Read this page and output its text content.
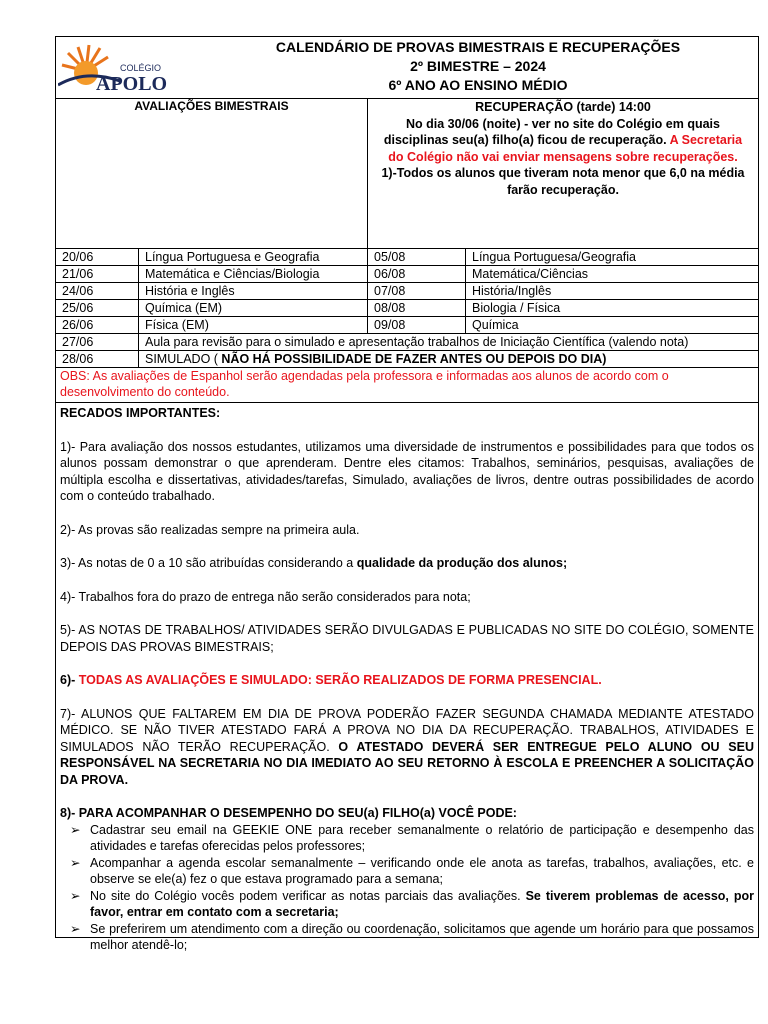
COLÉGIO
APOLO
CALENDÁRIO DE PROVAS BIMESTRAIS E RECUPERAÇÕES
2º BIMESTRE – 2024
6º ANO AO ENSINO MÉDIO
AVALIAÇÕES BIMESTRAIS	RECUPERAÇÃO (tarde) 14:00
No dia 30/06 (noite) - ver no site do Colégio em quais disciplinas seu(a) filho(a) ficou de recuperação. A Secretaria do Colégio não vai enviar mensagens sobre recuperações.
1)-Todos os alunos que tiveram nota menor que 6,0 na média farão recuperação.
20/06	Língua Portuguesa e Geografia	05/08	Língua Portuguesa/Geografia
21/06	Matemática e Ciências/Biologia	06/08	Matemática/Ciências
24/06	História e Inglês	07/08	História/Inglês
25/06	Química (EM)	08/08	Biologia / Física
26/06	Física (EM)	09/08	Química
27/06	Aula para revisão para o simulado e apresentação trabalhos de Iniciação Científica (valendo nota)
28/06	SIMULADO ( NÃO HÁ POSSIBILIDADE DE FAZER ANTES OU DEPOIS DO DIA)
OBS: As avaliações de Espanhol serão agendadas pela professora e informadas aos alunos de acordo com o desenvolvimento do conteúdo.

RECADOS IMPORTANTES:

1)- Para avaliação dos nossos estudantes, utilizamos uma diversidade de instrumentos e possibilidades para que todos os alunos possam demonstrar o que aprenderam. Dentre eles citamos: Trabalhos, seminários, pesquisas, avaliações de múltipla escolha e dissertativas, atividades/tarefas, Simulado, avaliações de livros, dentre outras possibilidades de acordo com o conteúdo trabalhado.

2)- As provas são realizadas sempre na primeira aula.

3)- As notas de 0 a 10 são atribuídas considerando a qualidade da produção dos alunos;

4)- Trabalhos fora do prazo de entrega não serão considerados para nota;

5)- AS NOTAS DE TRABALHOS/ ATIVIDADES SERÃO DIVULGADAS E PUBLICADAS NO SITE DO COLÉGIO, SOMENTE DEPOIS DAS PROVAS BIMESTRAIS;

6)- TODAS AS AVALIAÇÕES E SIMULADO: SERÃO REALIZADOS DE FORMA PRESENCIAL.

7)- ALUNOS QUE FALTAREM EM DIA DE PROVA PODERÃO FAZER SEGUNDA CHAMADA MEDIANTE ATESTADO MÉDICO. SE NÃO TIVER ATESTADO FARÁ A PROVA NO DIA DA RECUPERAÇÃO. TRABALHOS, ATIVIDADES E SIMULADOS NÃO TERÃO RECUPERAÇÃO. O ATESTADO DEVERÁ SER ENTREGUE PELO ALUNO OU SEU RESPONSÁVEL NA SECRETARIA NO DIA IMEDIATO AO SEU RETORNO À ESCOLA E PREENCHER A SOLICITAÇÃO DA PROVA.

8)- PARA ACOMPANHAR O DESEMPENHO DO SEU(a) FILHO(a) VOCÊ PODE:

➢ Cadastrar seu email na GEEKIE ONE para receber semanalmente o relatório de participação e desempenho das atividades e tarefas oferecidas pelos professores;
➢ Acompanhar a agenda escolar semanalmente – verificando onde ele anota as tarefas, trabalhos, avaliações, etc. e observe se ele(a) fez o que estava programado para a semana;
➢ No site do Colégio vocês podem verificar as notas parciais das avaliações. Se tiverem problemas de acesso, por favor, entrar em contato com a secretaria;
➢ Se preferirem um atendimento com a direção ou coordenação, solicitamos que agende um horário para que possamos melhor atendê-lo;
